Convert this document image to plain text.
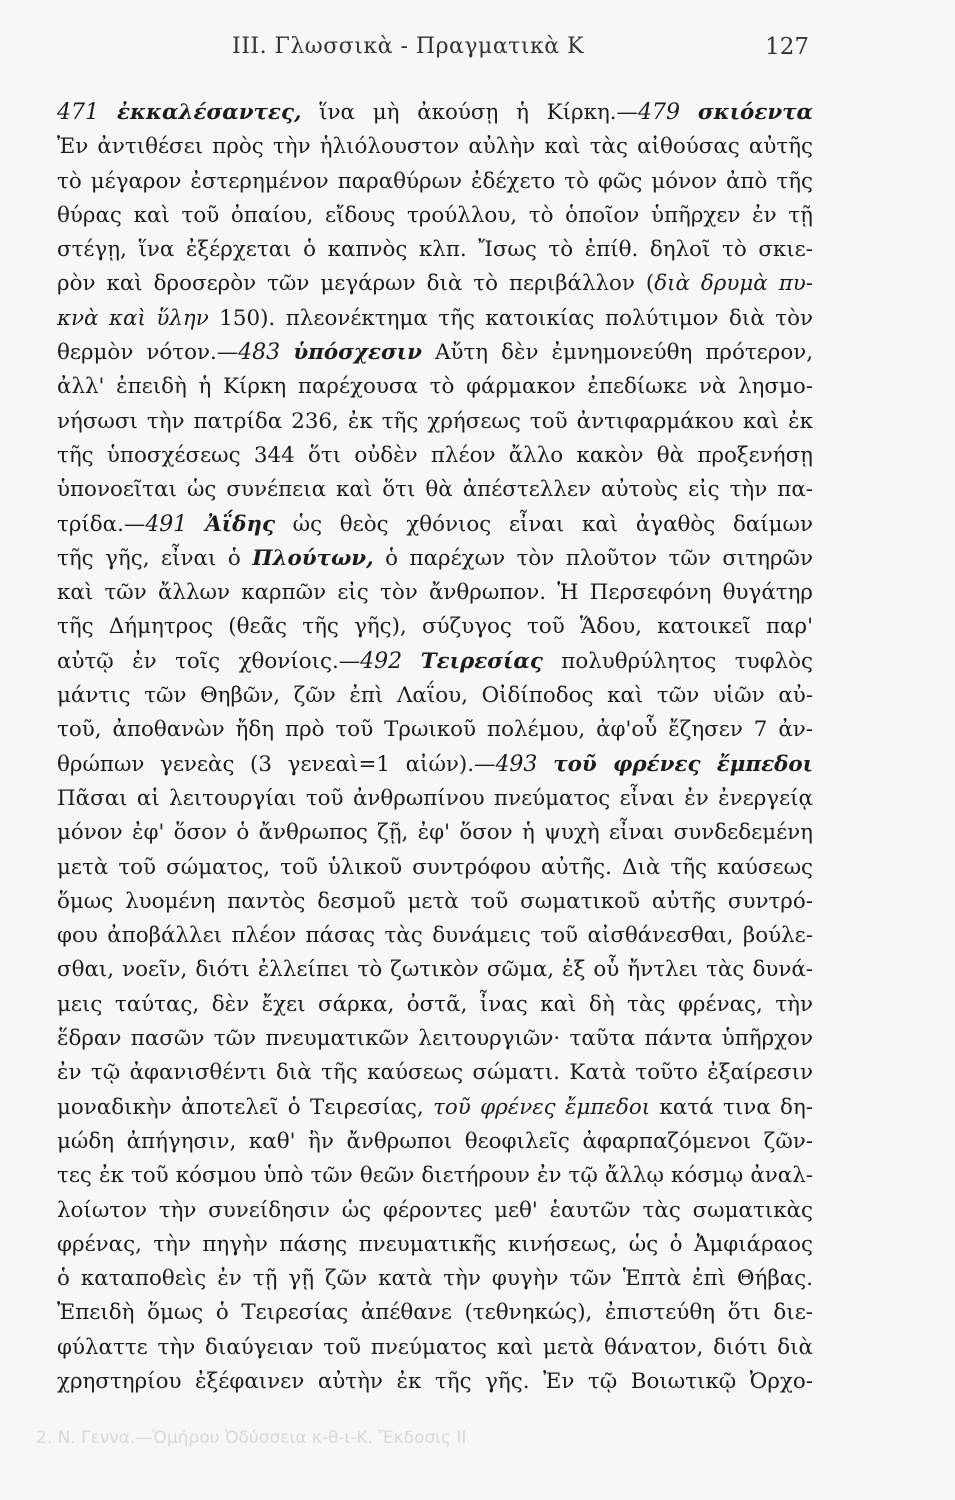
III. Γλωσσικὰ - Πραγματικὰ Κ	127
471 ἐκκαλέσαντες, ἵνα μὴ ἀκούσῃ ἡ Κίρκη.—479 σκιόεντα
Ἐν ἀντιθέσει πρὸς τὴν ἡλιόλουστον αὐλὴν καὶ τὰς αἰθούσας αὐτῆς
τὸ μέγαρον ἐστερημένον παραθύρων ἐδέχετο τὸ φῶς μόνον ἀπὸ τῆς
θύρας καὶ τοῦ ὀπαίου, εἴδους τρούλλου, τὸ ὁποῖον ὑπῆρχεν ἐν τῇ
στέγῃ, ἵνα ἐξέρχεται ὁ καπνὸς κλπ. Ἴσως τὸ ἐπίθ. δηλοῖ τὸ σκιε-
ρὸν καὶ δροσερὸν τῶν μεγάρων διὰ τὸ περιβάλλον (διὰ δρυμὰ πυ-
κνὰ καὶ ὕλην 150). πλεονέκτημα τῆς κατοικίας πολύτιμον διὰ τὸν
θερμὸν νότον.—483 ὑπόσχεσιν Αὔτη δὲν ἐμνημονεύθη πρότερον,
ἀλλ' ἐπειδὴ ἡ Κίρκη παρέχουσα τὸ φάρμακον ἐπεδίωκε νὰ λησμο-
νήσωσι τὴν πατρίδα 236, ἐκ τῆς χρήσεως τοῦ ἀντιφαρμάκου καὶ ἐκ
τῆς ὑποσχέσεως 344 ὅτι οὐδὲν πλέον ἄλλο κακὸν θὰ προξενήσῃ
ὑπονοεῖται ὡς συνέπεια καὶ ὅτι θὰ ἀπέστελλεν αὐτοὺς εἰς τὴν πα-
τρίδα.—491 Ἀΐδης ὡς θεὸς χθόνιος εἶναι καὶ ἀγαθὸς δαίμων
τῆς γῆς, εἶναι ὁ Πλούτων, ὁ παρέχων τὸν πλοῦτον τῶν σιτηρῶν
καὶ τῶν ἄλλων καρπῶν εἰς τὸν ἄνθρωπον. Ἡ Περσεφόνη θυγάτηρ
τῆς Δήμητρος (θεᾶς τῆς γῆς), σύζυγος τοῦ Ἅδου, κατοικεῖ παρ'
αὐτῷ ἐν τοῖς χθονίοις.—492 Τειρεσίας πολυθρύλητος τυφλὸς
μάντις τῶν Θηβῶν, ζῶν ἐπὶ Λαΐου, Οἰδίποδος καὶ τῶν υἱῶν αὐ-
τοῦ, ἀποθανὼν ἤδη πρὸ τοῦ Τρωικοῦ πολέμου, ἀφ'οὗ ἔζησεν 7 ἀν-
θρώπων γενεὰς (3 γενεαὶ=1 αἰών).—493 τοῦ φρένες ἔμπεδοι
Πᾶσαι αἱ λειτουργίαι τοῦ ἀνθρωπίνου πνεύματος εἶναι ἐν ἐνεργείᾳ
μόνον ἐφ' ὅσον ὁ ἄνθρωπος ζῇ, ἐφ' ὅσον ἡ ψυχὴ εἶναι συνδεδεμένη
μετὰ τοῦ σώματος, τοῦ ὑλικοῦ συντρόφου αὐτῆς. Διὰ τῆς καύσεως
ὅμως λυομένη παντὸς δεσμοῦ μετὰ τοῦ σωματικοῦ αὐτῆς συντρό-
φου ἀποβάλλει πλέον πάσας τὰς δυνάμεις τοῦ αἰσθάνεσθαι, βούλε-
σθαι, νοεῖν, διότι ἐλλείπει τὸ ζωτικὸν σῶμα, ἐξ οὗ ἤντλει τὰς δυνά-
μεις ταύτας, δὲν ἔχει σάρκα, ὀστᾶ, ἶνας καὶ δὴ τὰς φρένας, τὴν
ἕδραν πασῶν τῶν πνευματικῶν λειτουργιῶν· ταῦτα πάντα ὑπῆρχον
ἐν τῷ ἀφανισθέντι διὰ τῆς καύσεως σώματι. Κατὰ τοῦτο ἐξαίρεσιν
μοναδικὴν ἀποτελεῖ ὁ Τειρεσίας, τοῦ φρένες ἔμπεδοι κατά τινα δη-
μώδη ἀπήγησιν, καθ' ἣν ἄνθρωποι θεοφιλεῖς ἀφαρπαζόμενοι ζῶν-
τες ἐκ τοῦ κόσμου ὑπὸ τῶν θεῶν διετήρουν ἐν τῷ ἄλλῳ κόσμῳ ἀναλ-
λοίωτον τὴν συνείδησιν ὡς φέροντες μεθ' ἑαυτῶν τὰς σωματικὰς
φρένας, τὴν πηγὴν πάσης πνευματικῆς κινήσεως, ὡς ὁ Ἀμφιάραος
ὁ καταποθεὶς ἐν τῇ γῇ ζῶν κατὰ τὴν φυγὴν τῶν Ἑπτὰ ἐπὶ Θήβας.
Ἐπειδὴ ὅμως ὁ Τειρεσίας ἀπέθανε (τεθνηκώς), ἐπιστεύθη ὅτι διε-
φύλαττε τὴν διαύγειαν τοῦ πνεύματος καὶ μετὰ θάνατον, διότι διὰ
χρηστηρίου ἐξέφαινεν αὐτὴν ἐκ τῆς γῆς. Ἐν τῷ Βοιωτικῷ Ὀρχο-
2. Ν. Γεννα.—Ὁμήρου Ὀδύσσεια κ-θ-ι-Κ. Ἔκδοσις ΙΙ
